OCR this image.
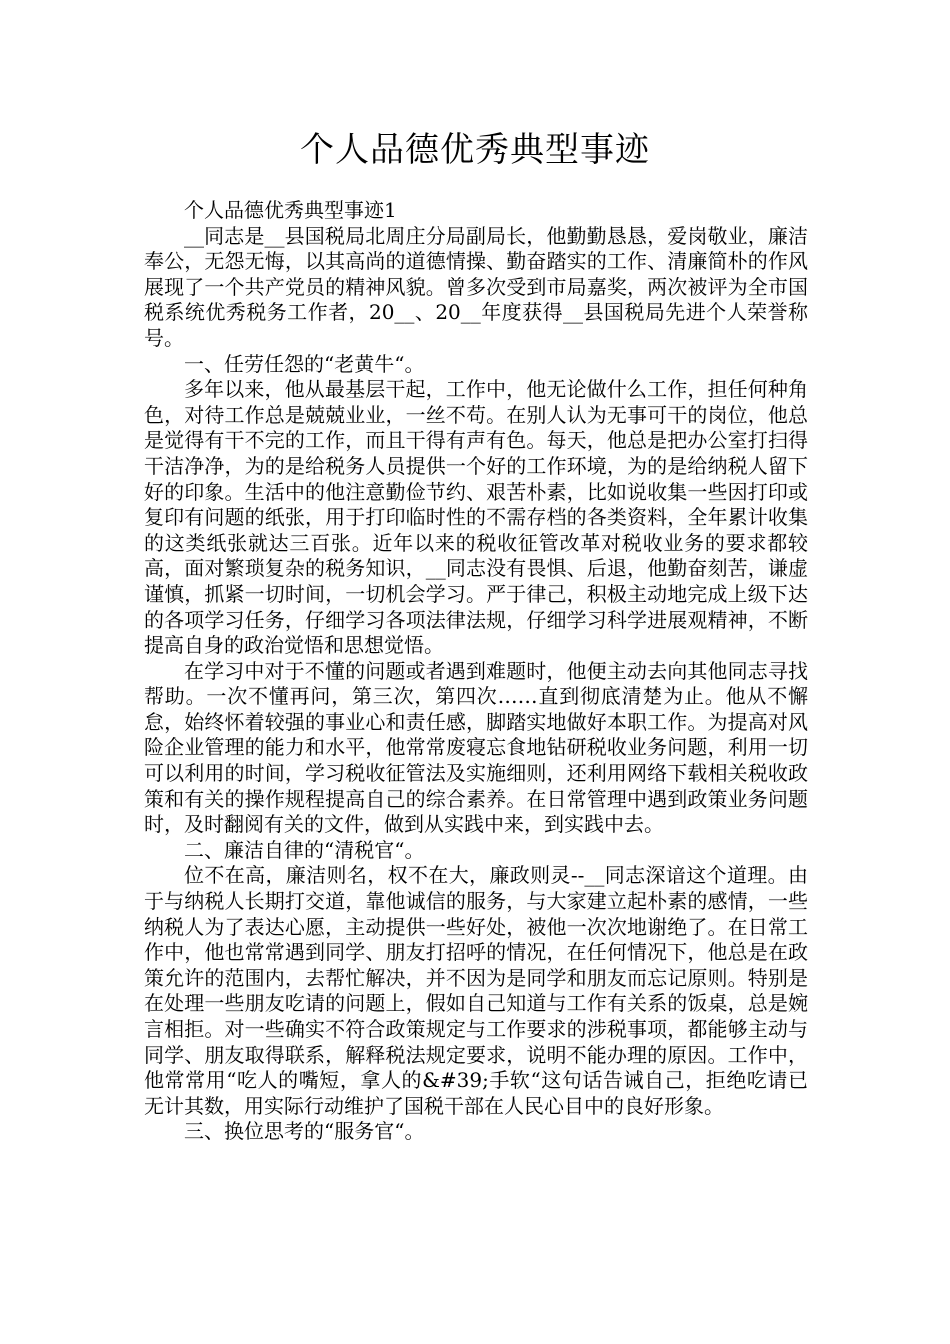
个人品德优秀典型事迹

个人品德优秀典型事迹1

__同志是__县国税局北周庄分局副局长，他勤勤恳恳，爱岗敬业，廉洁奉公，无怨无悔，以其高尚的道德情操、勤奋踏实的工作、清廉简朴的作风展现了一个共产党员的精神风貌。曾多次受到市局嘉奖，两次被评为全市国税系统优秀税务工作者，20__、20__年度获得__县国税局先进个人荣誉称号。

一、任劳任怨的“老黄牛“。

多年以来，他从最基层干起，工作中，他无论做什么工作，担任何种角色，对待工作总是兢兢业业，一丝不苟。在别人认为无事可干的岗位，他总是觉得有干不完的工作，而且干得有声有色。每天，他总是把办公室打扫得干洁净净，为的是给税务人员提供一个好的工作环境，为的是给纳税人留下好的印象。生活中的他注意勤俭节约、艰苦朴素，比如说收集一些因打印或复印有问题的纸张，用于打印临时性的不需存档的各类资料，全年累计收集的这类纸张就达三百张。近年以来的税收征管改革对税收业务的要求都较高，面对繁琐复杂的税务知识，__同志没有畏惧、后退，他勤奋刻苦，谦虚谨慎，抓紧一切时间，一切机会学习。严于律己，积极主动地完成上级下达的各项学习任务，仔细学习各项法律法规，仔细学习科学进展观精神，不断提高自身的政治觉悟和思想觉悟。

在学习中对于不懂的问题或者遇到难题时，他便主动去向其他同志寻找帮助。一次不懂再问，第三次，第四次……直到彻底清楚为止。他从不懈怠，始终怀着较强的事业心和责任感，脚踏实地做好本职工作。为提高对风险企业管理的能力和水平，他常常废寝忘食地钻研税收业务问题，利用一切可以利用的时间，学习税收征管法及实施细则，还利用网络下载相关税收政策和有关的操作规程提高自己的综合素养。在日常管理中遇到政策业务问题时，及时翻阅有关的文件，做到从实践中来，到实践中去。

二、廉洁自律的“清税官“。

位不在高，廉洁则名，权不在大，廉政则灵--__同志深谙这个道理。由于与纳税人长期打交道，靠他诚信的服务，与大家建立起朴素的感情，一些纳税人为了表达心愿，主动提供一些好处，被他一次次地谢绝了。在日常工作中，他也常常遇到同学、朋友打招呼的情况，在任何情况下，他总是在政策允许的范围内，去帮忙解决，并不因为是同学和朋友而忘记原则。特别是在处理一些朋友吃请的问题上，假如自己知道与工作有关系的饭桌，总是婉言相拒。对一些确实不符合政策规定与工作要求的涉税事项，都能够主动与同学、朋友取得联系，解释税法规定要求，说明不能办理的原因。工作中，他常常用“吃人的嘴短，拿人的&#39;手软“这句话告诫自己，拒绝吃请已无计其数，用实际行动维护了国税干部在人民心目中的良好形象。

三、换位思考的“服务官“。
